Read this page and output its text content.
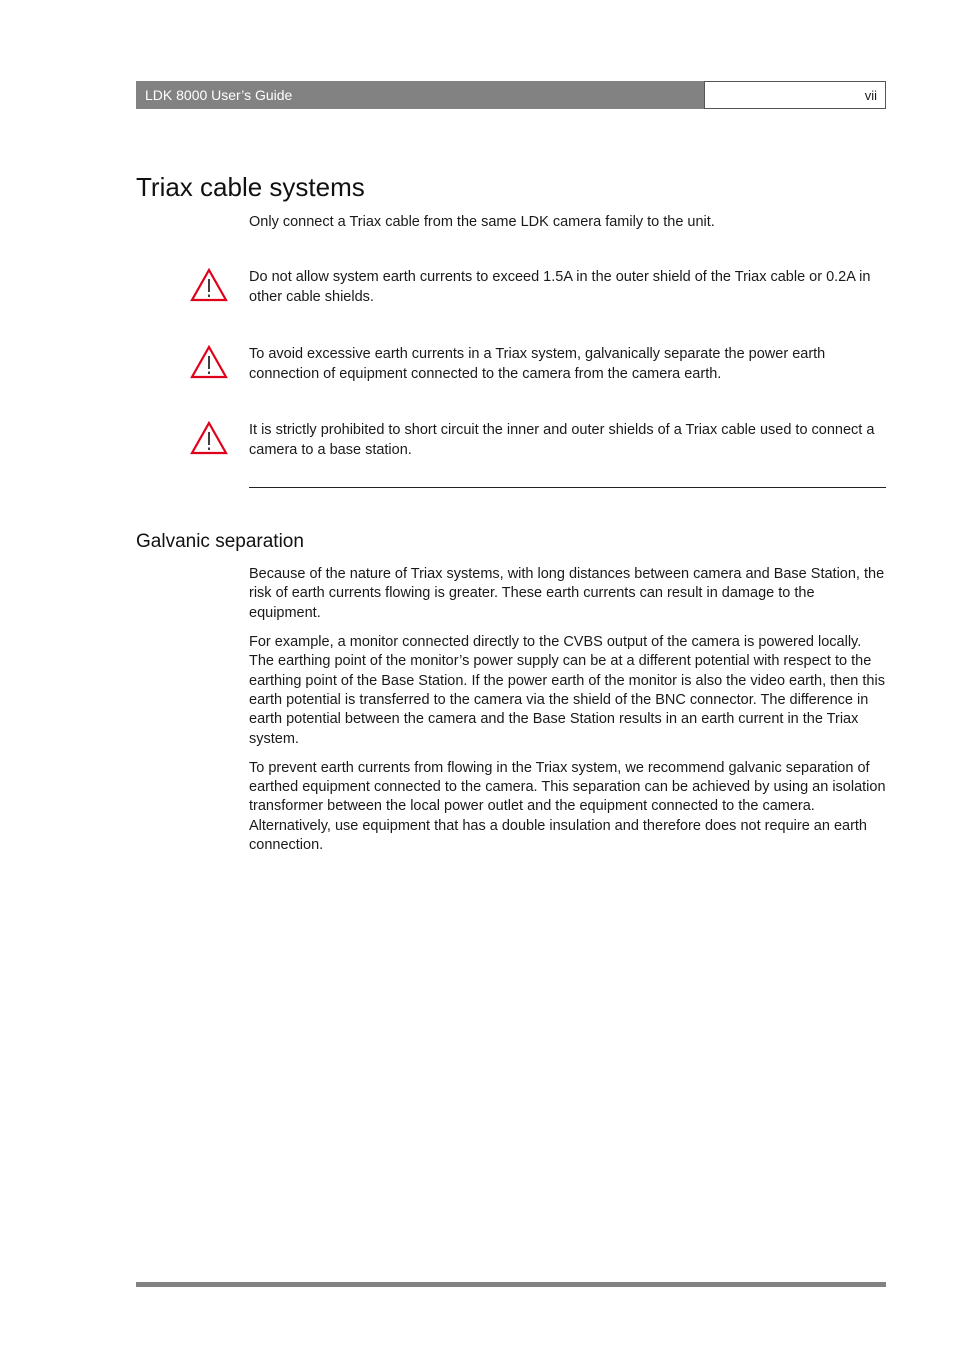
LDK 8000 User’s Guide	vii
Triax cable systems

Only connect a Triax cable from the same LDK camera family to the unit.

Do not allow system earth currents to exceed 1.5A in the outer shield of the Triax cable or 0.2A in other cable shields.

To avoid excessive earth currents in a Triax system, galvanically separate the power earth connection of equipment connected to the camera from the camera earth.

It is strictly prohibited to short circuit the inner and outer shields of a Triax cable used to connect a camera to a base station.

Galvanic separation

Because of the nature of Triax systems, with long distances between camera and Base Station, the risk of earth currents flowing is greater. These earth currents can result in damage to the equipment.

For example, a monitor connected directly to the CVBS output of the camera is powered locally. The earthing point of the monitor’s power supply can be at a different potential with respect to the earthing point of the Base Station. If the power earth of the monitor is also the video earth, then this earth potential is transferred to the camera via the shield of the BNC connector. The difference in earth potential between the camera and the Base Station results in an earth current in the Triax system.

To prevent earth currents from flowing in the Triax system, we recommend galvanic separation of earthed equipment connected to the camera. This separation can be achieved by using an isolation transformer between the local power outlet and the equipment connected to the camera. Alternatively, use equipment that has a double insulation and therefore does not require an earth connection.
